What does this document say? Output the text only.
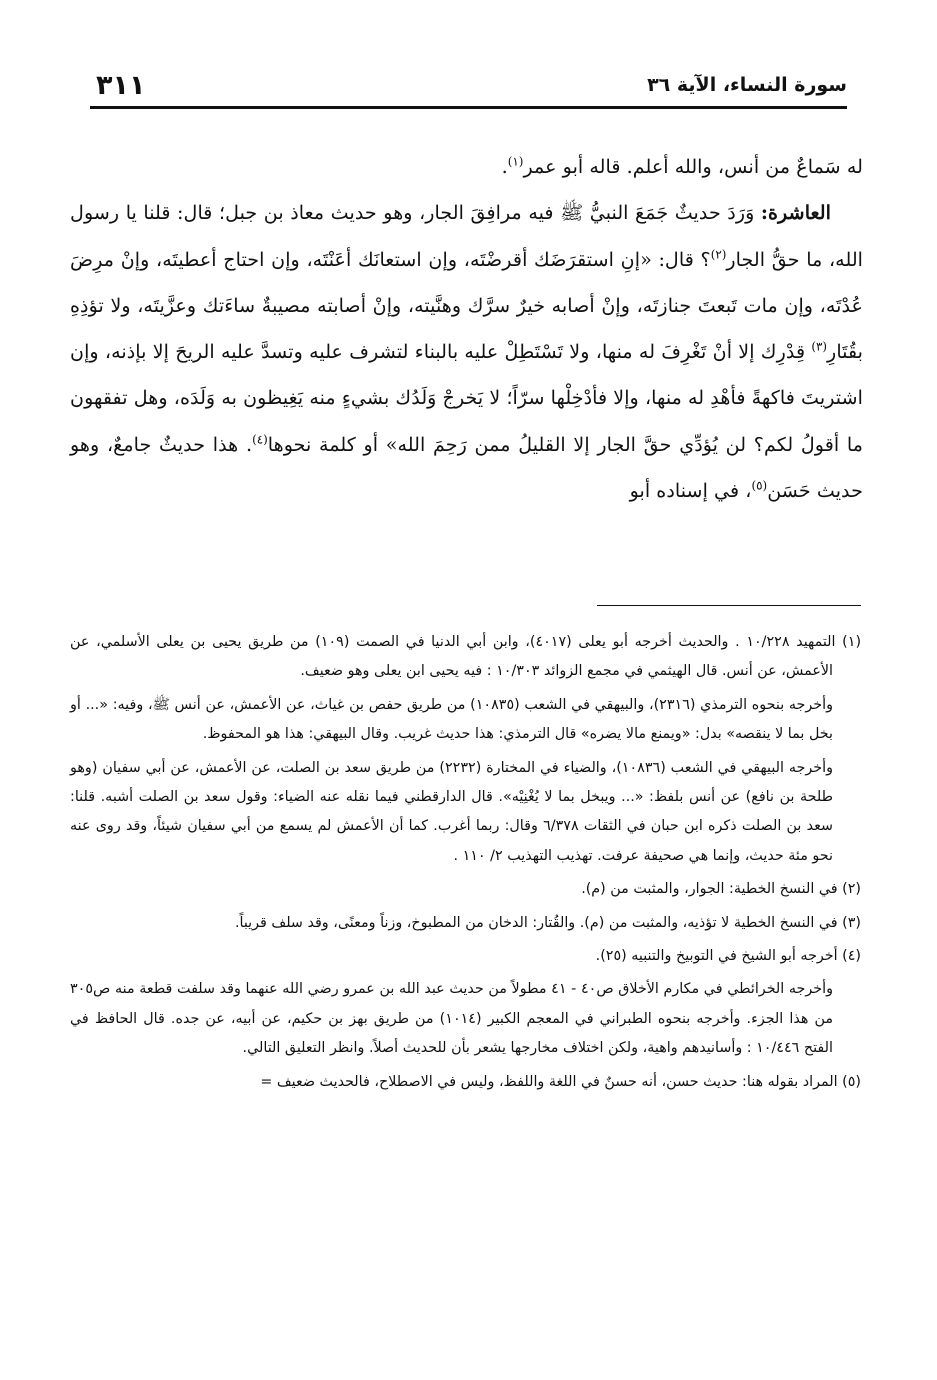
٣١١	سورة النساء، الآية ٣٦

له سَماعٌ من أنس، والله أعلم. قاله أبو عمر$^{(١)}$.

العاشرة: وَرَدَ حديثٌ جَمَعَ النبيُّ ﷺ فيه مرافِقَ الجار، وهو حديث معاذ بن جبل؛ قال: قلنا يا رسول الله، ما حقُّ الجار$^{(٢)}$؟ قال: «إنِ استقرَضَك أقرضْتَه، وإن استعانَك أعَنْتَه، وإن احتاج أعطيتَه، وإنْ مرِضَ عُدْتَه، وإن مات تَبعتَ جنازتَه، وإنْ أصابه خيرٌ سرَّك وهنَّيته، وإنْ أصابته مصيبةٌ ساءَتك وعزَّيتَه، ولا تؤذِهِ بقُتَارِ$^{(٣)}$ قِدْرِك إلا أنْ تَغْرِفَ له منها، ولا تَسْتَطِلْ عليه بالبناء لتشرف عليه وتسدَّ عليه الريحَ إلا بإذنه، وإن اشتريتَ فاكهةً فأهْدِ له منها، وإلا فأدْخِلْها سرّاً؛ لا يَخرجْ وَلَدُك بشيءٍ منه يَغِيظون به وَلَدَه، وهل تفقهون ما أقولُ لكم؟ لن يُؤدِّي حقَّ الجار إلا القليلُ ممن رَحِمَ الله» أو كلمة نحوها$^{(٤)}$. هذا حديثٌ جامعٌ، وهو حديث حَسَن$^{(٥)}$، في إسناده أبو

(١) التمهيد ١٠/٢٢٨ . والحديث أخرجه أبو يعلى (٤٠١٧)، وابن أبي الدنيا في الصمت (١٠٩) من طريق يحيى بن يعلى الأسلمي، عن الأعمش، عن أنس. قال الهيثمي في مجمع الزوائد ١٠/٣٠٣ : فيه يحيى ابن يعلى وهو ضعيف.

وأخرجه بنحوه الترمذي (٢٣١٦)، والبيهقي في الشعب (١٠٨٣٥) من طريق حفص بن غياث، عن الأعمش، عن أنس ﷺ، وفيه: «... أو بخل بما لا ينقصه» بدل: «ويمنع مالا يضره» قال الترمذي: هذا حديث غريب. وقال البيهقي: هذا هو المحفوظ.

وأخرجه البيهقي في الشعب (١٠٨٣٦)، والضياء في المختارة (٢٢٣٢) من طريق سعد بن الصلت، عن الأعمش، عن أبي سفيان (وهو طلحة بن نافع) عن أنس بلفظ: «... ويبخل بما لا يُغْنِيْه». قال الدارقطني فيما نقله عنه الضياء: وقول سعد بن الصلت أشبه. قلنا: سعد بن الصلت ذكره ابن حبان في الثقات ٦/٣٧٨ وقال: ربما أغرب. كما أن الأعمش لم يسمع من أبي سفيان شيئاً، وقد روى عنه نحو مئة حديث، وإنما هي صحيفة عرفت. تهذيب التهذيب ٢/ ١١٠ .

(٢) في النسخ الخطية: الجوار، والمثبت من (م).

(٣) في النسخ الخطية لا تؤذيه، والمثبت من (م). والقُتار: الدخان من المطبوخ، وزناً ومعنًى، وقد سلف قريباً.

(٤) أخرجه أبو الشيخ في التوبيخ والتنبيه (٢٥).

وأخرجه الخرائطي في مكارم الأخلاق ص٤٠ - ٤١ مطولاً من حديث عبد الله بن عمرو رضي الله عنهما وقد سلفت قطعة منه ص٣٠٥ من هذا الجزء. وأخرجه بنحوه الطبراني في المعجم الكبير (١٠١٤) من طريق بهز بن حكيم، عن أبيه، عن جده. قال الحافظ في الفتح ١٠/٤٤٦ : وأسانيدهم واهية، ولكن اختلاف مخارجها يشعر بأن للحديث أصلاً. وانظر التعليق التالي.

(٥) المراد بقوله هنا: حديث حسن، أنه حسنٌ في اللغة واللفظ، وليس في الاصطلاح، فالحديث ضعيف =
